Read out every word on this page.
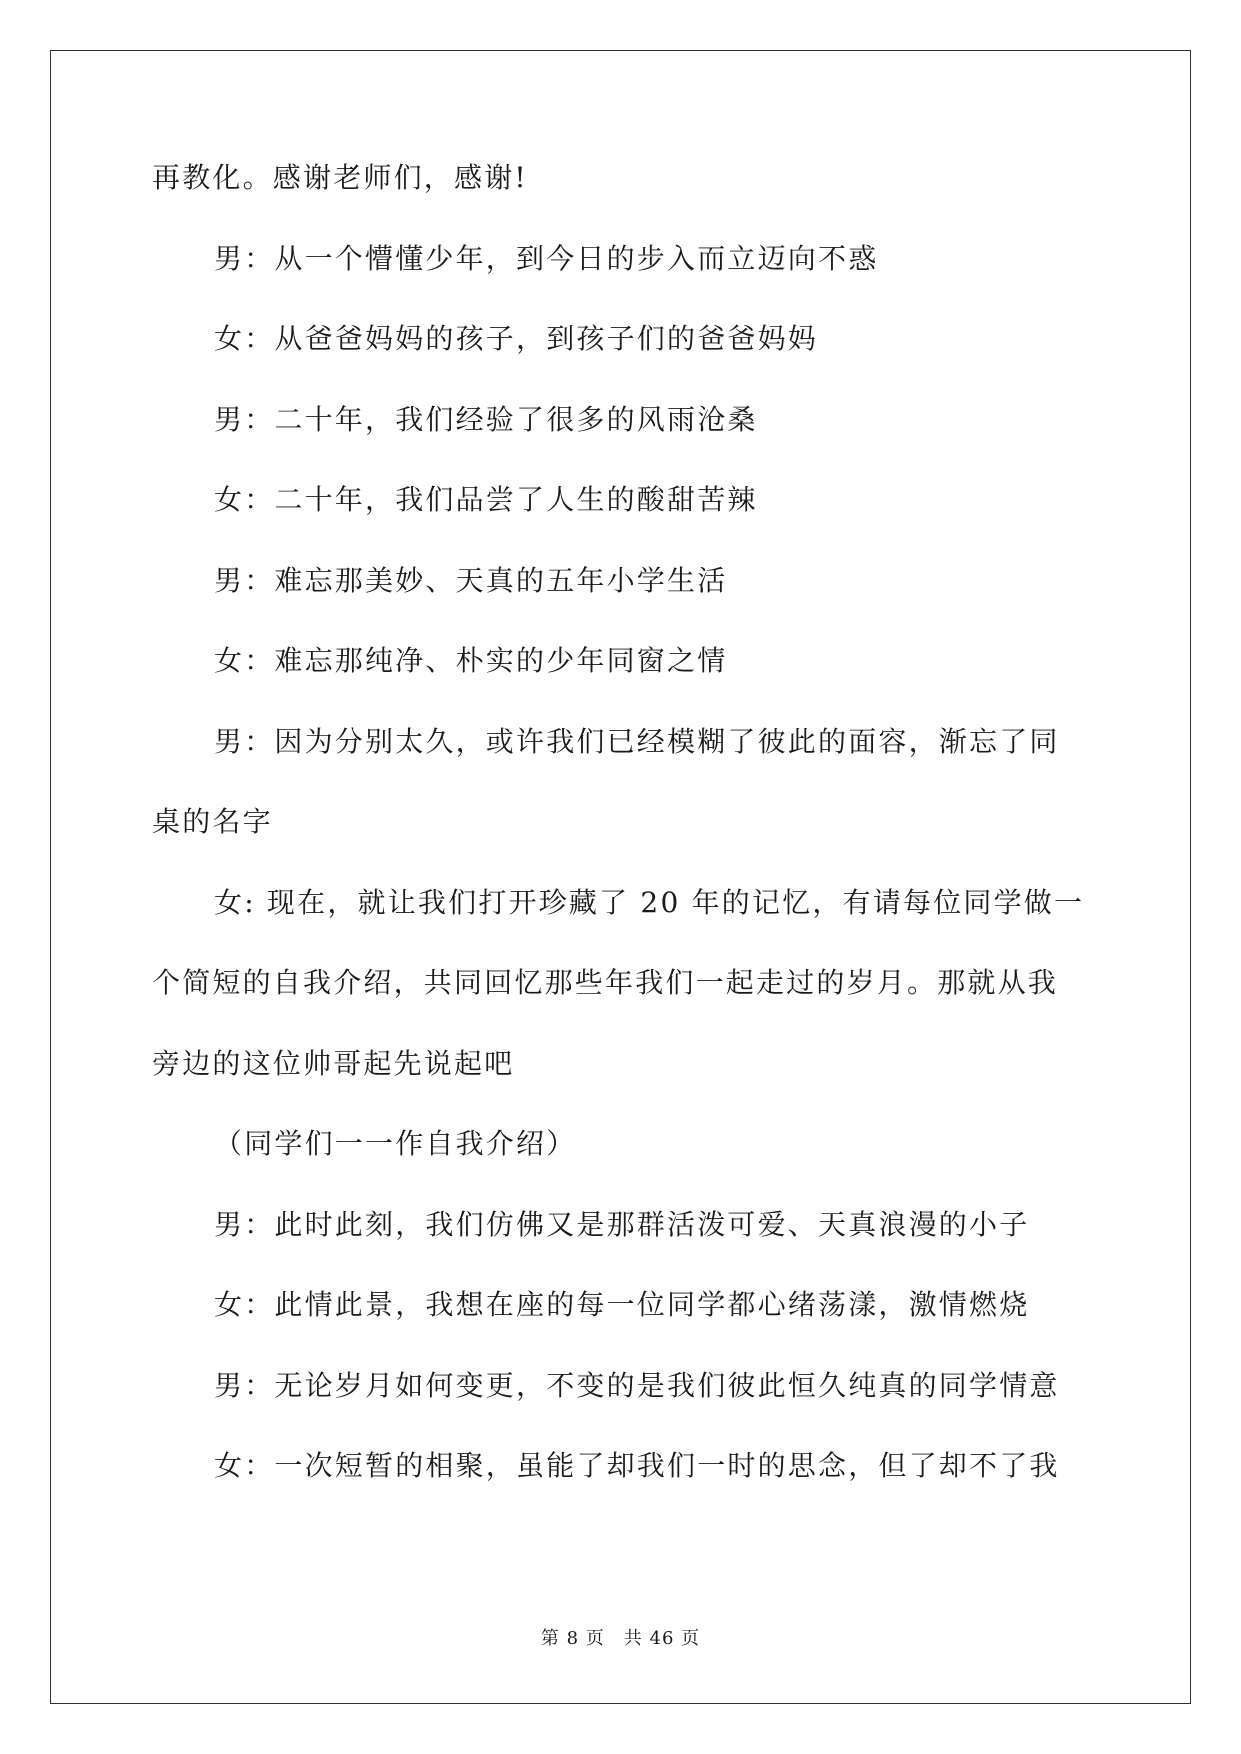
再教化。感谢老师们，感谢!
男：从一个懵懂少年，到今日的步入而立迈向不惑
女：从爸爸妈妈的孩子，到孩子们的爸爸妈妈
男：二十年，我们经验了很多的风雨沧桑
女：二十年，我们品尝了人生的酸甜苦辣
男：难忘那美妙、天真的五年小学生活
女：难忘那纯净、朴实的少年同窗之情
男：因为分别太久，或许我们已经模糊了彼此的面容，渐忘了同
桌的名字
女: 现在，就让我们打开珍藏了 20 年的记忆，有请每位同学做一
个简短的自我介绍，共同回忆那些年我们一起走过的岁月。那就从我
旁边的这位帅哥起先说起吧
（同学们一一作自我介绍）
男：此时此刻，我们仿佛又是那群活泼可爱、天真浪漫的小子
女：此情此景，我想在座的每一位同学都心绪荡漾，激情燃烧
男：无论岁月如何变更，不变的是我们彼此恒久纯真的同学情意
女：一次短暂的相聚，虽能了却我们一时的思念，但了却不了我
第 8 页　共 46 页
